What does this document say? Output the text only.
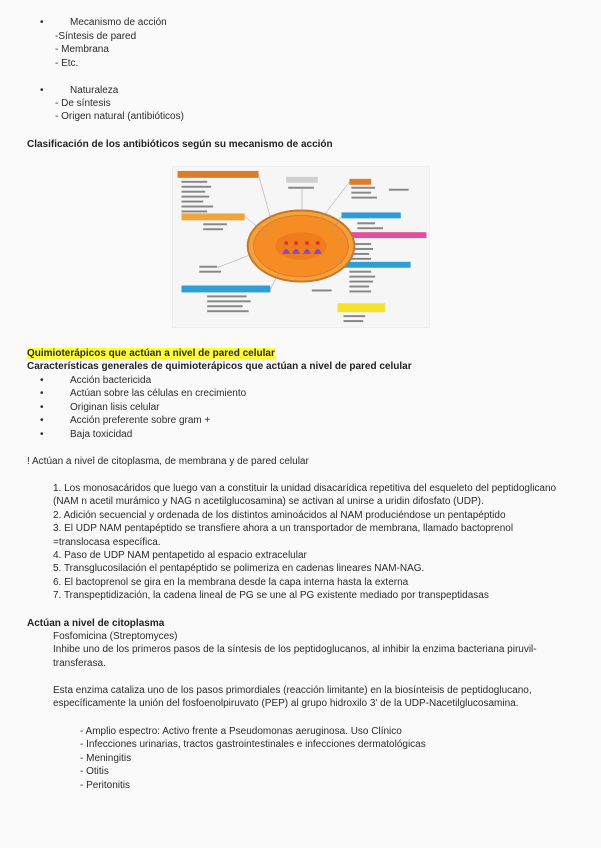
• Mecanismo de acción
-Síntesis de pared
- Membrana
- Etc.
• Naturaleza
- De síntesis
- Origen natural (antibióticos)
Clasificación de los antibióticos según su mecanismo de acción
Quimioterápicos que actúan a nivel de pared celular
Características generales de quimioterápicos que actúan a nivel de pared celular
•	Acción bactericida
•	Actúan sobre las células en crecimiento
•	Originan lisis celular
•	Acción preferente sobre gram +
•	Baja toxicidad
! Actúan a nivel de citoplasma, de membrana y de pared celular
1. Los monosacáridos que luego van a constituir la unidad disacarídica repetitiva del esqueleto del peptidoglicano
(NAM n acetil murámico y NAG n acetilglucosamina) se activan al unirse a uridin difosfato (UDP).
2. Adición secuencial y ordenada de los distintos aminoácidos al NAM produciéndose un pentapéptido
3. El UDP NAM pentapéptido se transfiere ahora a un transportador de membrana, llamado bactoprenol
=translocasa específica.
4. Paso de UDP NAM pentapetido al espacio extracelular
5. Transglucosilación el pentapéptido se polimeriza en cadenas lineares NAM-NAG.
6. El bactoprenol se gira en la membrana desde la capa interna hasta la externa
7. Transpeptidización, la cadena lineal de PG se une al PG existente mediado por transpeptidasas
Actúan a nivel de citoplasma
Fosfomicina (Streptomyces)
Inhibe uno de los primeros pasos de la síntesis de los peptidoglucanos, al inhibir la enzima bacteriana piruvil-
transferasa.
Esta enzima cataliza uno de los pasos primordiales (reacción limitante) en la biosínteisis de peptidoglucano,
específicamente la unión del fosfoenolpiruvato (PEP) al grupo hidroxilo 3' de la UDP-Nacetilglucosamina.
- Amplio espectro: Activo frente a Pseudomonas aeruginosa. Uso Clínico
- Infecciones urinarias, tractos gastrointestinales e infecciones dermatológicas
- Meningitis
- Otitis
- Peritonitis
